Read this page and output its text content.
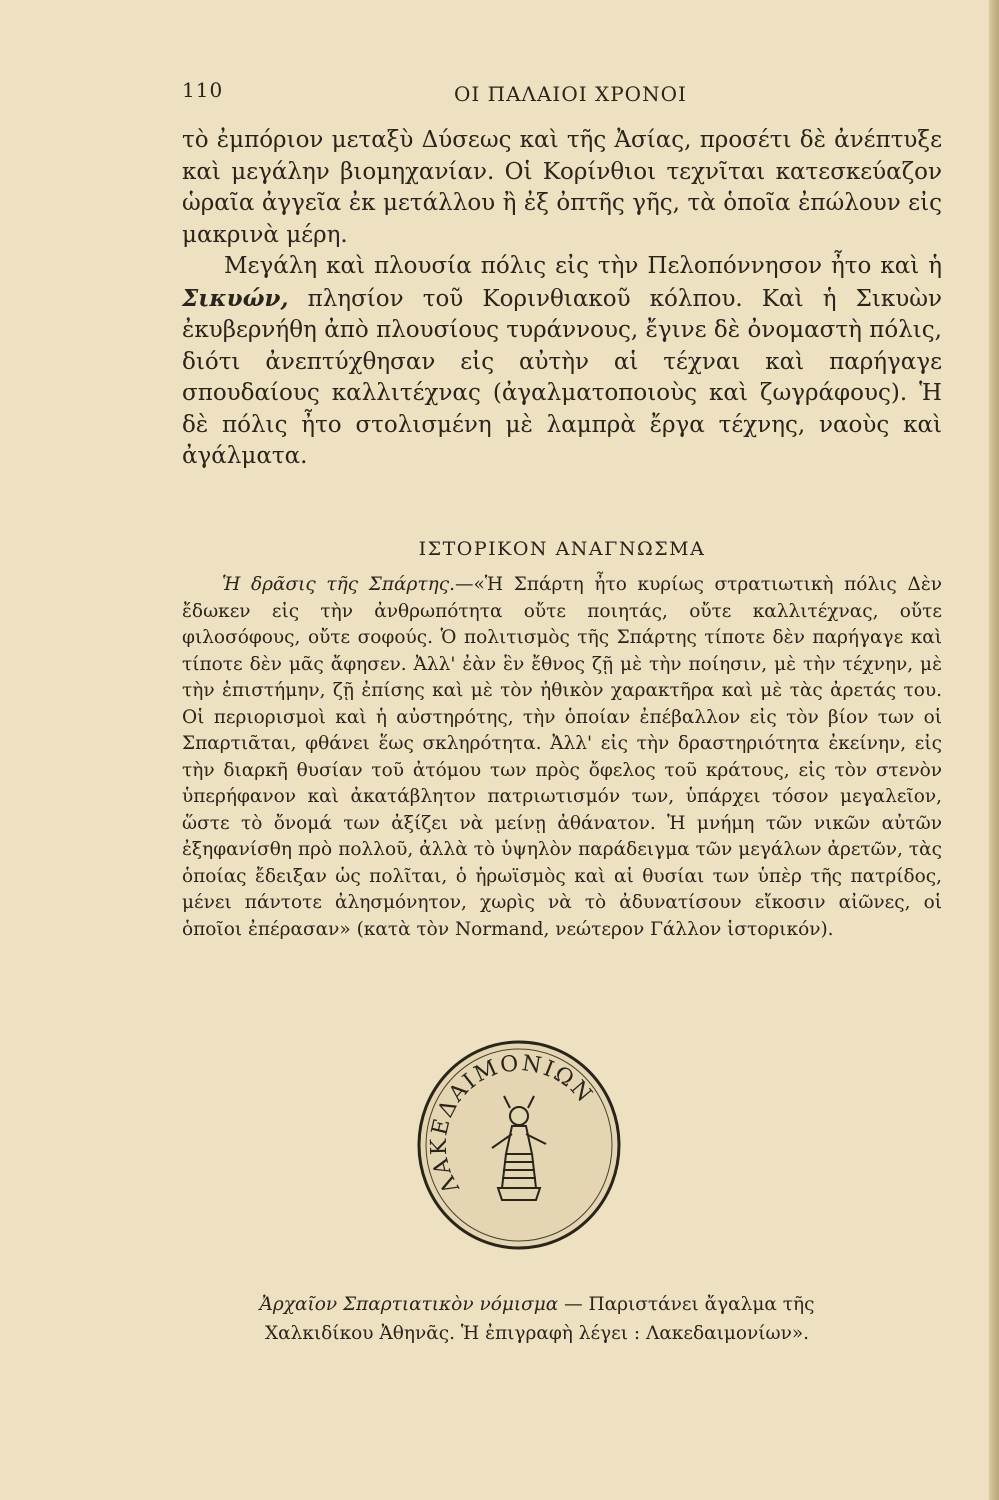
110	ΟΙ ΠΑΛΑΙΟΙ ΧΡΟΝΟΙ

τὸ ἐμπόριον μεταξὺ Δύσεως καὶ τῆς Ἀσίας, προσέτι δὲ ἀνέπτυξε καὶ μεγάλην βιομηχανίαν. Οἱ Κορίνθιοι τεχνῖται κατεσκεύαζον ὡραῖα ἀγγεῖα ἐκ μετάλλου ἢ ἐξ ὀπτῆς γῆς, τὰ ὁποῖα ἐπώλουν εἰς μακρινὰ μέρη.

Μεγάλη καὶ πλουσία πόλις εἰς τὴν Πελοπόννησον ἦτο καὶ ἡ Σικυών, πλησίον τοῦ Κορινθιακοῦ κόλπου. Καὶ ἡ Σικυὼν ἐκυβερνήθη ἀπὸ πλουσίους τυράννους, ἔγινε δὲ ὀνομαστὴ πόλις, διότι ἀνεπτύχθησαν εἰς αὐτὴν αἱ τέχναι καὶ παρήγαγε σπουδαίους καλλιτέχνας (ἀγαλματοποιοὺς καὶ ζωγράφους). Ἡ δὲ πόλις ἦτο στολισμένη μὲ λαμπρὰ ἔργα τέχνης, ναοὺς καὶ ἀγάλματα.

ΙΣΤΟΡΙΚΟΝ ΑΝΑΓΝΩΣΜΑ
Ἡ δρᾶσις τῆς Σπάρτης.—«Ἡ Σπάρτη ἦτο κυρίως στρατιωτικὴ πόλις Δὲν ἔδωκεν εἰς τὴν ἀνθρωπότητα οὔτε ποιητάς, οὔτε καλλιτέχνας, οὔτε φιλοσόφους, οὔτε σοφούς. Ὁ πολιτισμὸς τῆς Σπάρτης τίποτε δὲν παρήγαγε καὶ τίποτε δὲν μᾶς ἄφησεν. Ἀλλ' ἐὰν ἓν ἔθνος ζῇ μὲ τὴν ποίησιν, μὲ τὴν τέχνην, μὲ τὴν ἐπιστήμην, ζῇ ἐπίσης καὶ μὲ τὸν ἠθικὸν χαρακτῆρα καὶ μὲ τὰς ἀρετάς του. Οἱ περιορισμοὶ καὶ ἡ αὐστηρότης, τὴν ὁποίαν ἐπέβαλλον εἰς τὸν βίον των οἱ Σπαρτιᾶται, φθάνει ἕως σκληρότητα. Ἀλλ' εἰς τὴν δραστηριότητα ἐκείνην, εἰς τὴν διαρκῆ θυσίαν τοῦ ἀτόμου των πρὸς ὄφελος τοῦ κράτους, εἰς τὸν στενὸν ὑπερήφανον καὶ ἀκατάβλητον πατριωτισμόν των, ὑπάρχει τόσον μεγαλεῖον, ὥστε τὸ ὄνομά των ἀξίζει νὰ μείνῃ ἀθάνατον. Ἡ μνήμη τῶν νικῶν αὐτῶν ἐξηφανίσθη πρὸ πολλοῦ, ἀλλὰ τὸ ὑψηλὸν παράδειγμα τῶν μεγάλων ἀρετῶν, τὰς ὁποίας ἔδειξαν ὡς πολῖται, ὁ ἡρωϊσμὸς καὶ αἱ θυσίαι των ὑπὲρ τῆς πατρίδος, μένει πάντοτε ἀλησμόνητον, χωρὶς νὰ τὸ ἀδυνατίσουν εἴκοσιν αἰῶνες, οἱ ὁποῖοι ἐπέρασαν» (κατὰ τὸν Normand, νεώτερον Γάλλον ἱστορικόν).
ΛΑΚΕΔΑΙΜΟΝΙΩΝ
Ἀρχαῖον Σπαρτιατικὸν νόμισμα — Παριστάνει ἄγαλμα τῆς Χαλκιδίκου Ἀθηνᾶς. Ἡ ἐπιγραφὴ λέγει : Λακεδαιμονίων».
